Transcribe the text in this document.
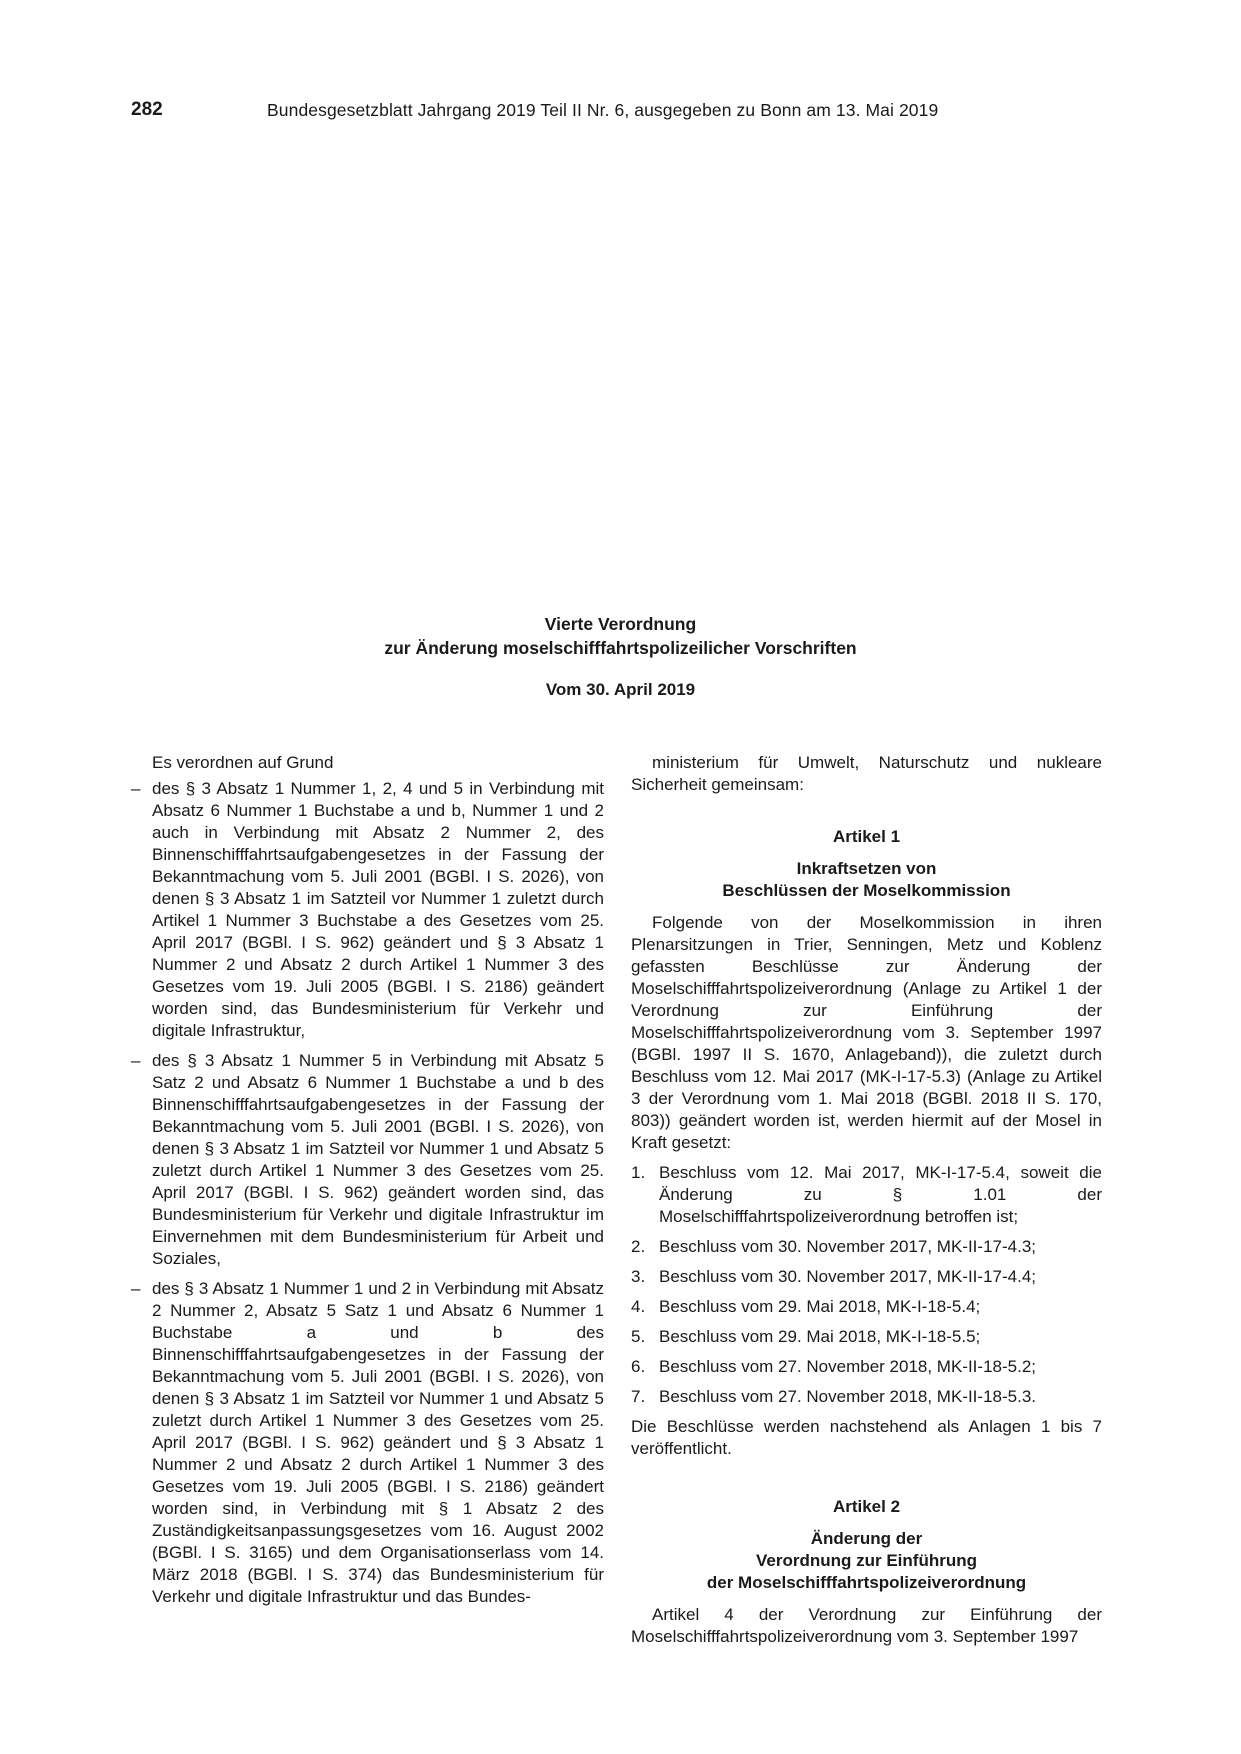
282	Bundesgesetzblatt Jahrgang 2019 Teil II Nr. 6, ausgegeben zu Bonn am 13. Mai 2019
Vierte Verordnung
zur Änderung moselschifffahrtspolizeilicher Vorschriften
Vom 30. April 2019

Es verordnen auf Grund

– des § 3 Absatz 1 Nummer 1, 2, 4 und 5 in Verbindung mit Absatz 6 Nummer 1 Buchstabe a und b, Nummer 1 und 2 auch in Verbindung mit Absatz 2 Nummer 2, des Binnenschifffahrtsaufgabengesetzes in der Fassung der Bekanntmachung vom 5. Juli 2001 (BGBl. I S. 2026), von denen § 3 Absatz 1 im Satzteil vor Nummer 1 zuletzt durch Artikel 1 Nummer 3 Buchstabe a des Gesetzes vom 25. April 2017 (BGBl. I S. 962) geändert und § 3 Absatz 1 Nummer 2 und Absatz 2 durch Artikel 1 Nummer 3 des Gesetzes vom 19. Juli 2005 (BGBl. I S. 2186) geändert worden sind, das Bundesministerium für Verkehr und digitale Infrastruktur,
– des § 3 Absatz 1 Nummer 5 in Verbindung mit Absatz 5 Satz 2 und Absatz 6 Nummer 1 Buchstabe a und b des Binnenschifffahrtsaufgabengesetzes in der Fassung der Bekanntmachung vom 5. Juli 2001 (BGBl. I S. 2026), von denen § 3 Absatz 1 im Satzteil vor Nummer 1 und Absatz 5 zuletzt durch Artikel 1 Nummer 3 des Gesetzes vom 25. April 2017 (BGBl. I S. 962) geändert worden sind, das Bundesministerium für Verkehr und digitale Infrastruktur im Einvernehmen mit dem Bundesministerium für Arbeit und Soziales,
– des § 3 Absatz 1 Nummer 1 und 2 in Verbindung mit Absatz 2 Nummer 2, Absatz 5 Satz 1 und Absatz 6 Nummer 1 Buchstabe a und b des Binnenschifffahrtsaufgabengesetzes in der Fassung der Bekanntmachung vom 5. Juli 2001 (BGBl. I S. 2026), von denen § 3 Absatz 1 im Satzteil vor Nummer 1 und Absatz 5 zuletzt durch Artikel 1 Nummer 3 des Gesetzes vom 25. April 2017 (BGBl. I S. 962) geändert und § 3 Absatz 1 Nummer 2 und Absatz 2 durch Artikel 1 Nummer 3 des Gesetzes vom 19. Juli 2005 (BGBl. I S. 2186) geändert worden sind, in Verbindung mit § 1 Absatz 2 des Zuständigkeitsanpassungsgesetzes vom 16. August 2002 (BGBl. I S. 3165) und dem Organisationserlass vom 14. März 2018 (BGBl. I S. 374) das Bundesministerium für Verkehr und digitale Infrastruktur und das Bundes-

ministerium für Umwelt, Naturschutz und nukleare Sicherheit gemeinsam:

Artikel 1

Inkraftsetzen von

Beschlüssen der Moselkommission

Folgende von der Moselkommission in ihren Plenarsitzungen in Trier, Senningen, Metz und Koblenz gefassten Beschlüsse zur Änderung der Moselschifffahrtspolizeiverordnung (Anlage zu Artikel 1 der Verordnung zur Einführung der Moselschifffahrtspolizeiverordnung vom 3. September 1997 (BGBl. 1997 II S. 1670, Anlageband)), die zuletzt durch Beschluss vom 12. Mai 2017 (MK-I-17-5.3) (Anlage zu Artikel 3 der Verordnung vom 1. Mai 2018 (BGBl. 2018 II S. 170, 803)) geändert worden ist, werden hiermit auf der Mosel in Kraft gesetzt:

1. Beschluss vom 12. Mai 2017, MK-I-17-5.4, soweit die Änderung zu § 1.01 der Moselschifffahrtspolizeiverordnung betroffen ist;
2. Beschluss vom 30. November 2017, MK-II-17-4.3;
3. Beschluss vom 30. November 2017, MK-II-17-4.4;
4. Beschluss vom 29. Mai 2018, MK-I-18-5.4;
5. Beschluss vom 29. Mai 2018, MK-I-18-5.5;
6. Beschluss vom 27. November 2018, MK-II-18-5.2;
7. Beschluss vom 27. November 2018, MK-II-18-5.3.

Die Beschlüsse werden nachstehend als Anlagen 1 bis 7 veröffentlicht.

Artikel 2

Änderung der

Verordnung zur Einführung

der Moselschifffahrtspolizeiverordnung

Artikel 4 der Verordnung zur Einführung der Moselschifffahrtspolizeiverordnung vom 3. September 1997
